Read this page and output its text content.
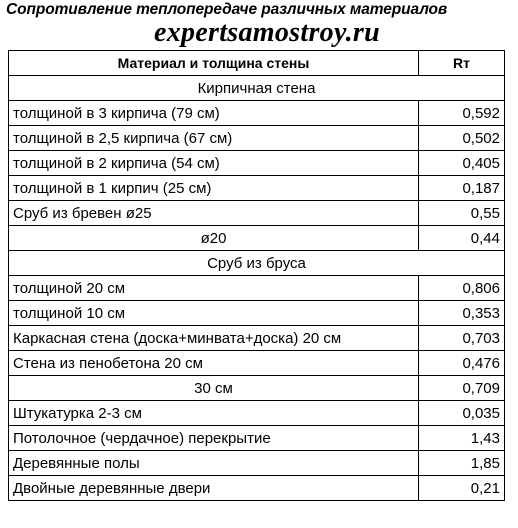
Сопротивление теплопередаче различных материалов
expertsamostroy.ru
Материал и толщина стены	Rт
Кирпичная стена	
толщиной в 3 кирпича (79 см)	0,592
толщиной в 2,5 кирпича (67 см)	0,502
толщиной в 2 кирпича (54 см)	0,405
толщиной в 1 кирпич (25 см)	0,187
Сруб из бревен ø25	0,55
ø20	0,44
Сруб из бруса	
толщиной 20 см	0,806
толщиной 10 см	0,353
Каркасная стена (доска+минвата+доска) 20 см	0,703
Стена из пенобетона 20 см	0,476
30 см	0,709
Штукатурка 2-3 см	0,035
Потолочное (чердачное) перекрытие	1,43
Деревянные полы	1,85
Двойные деревянные двери	0,21
